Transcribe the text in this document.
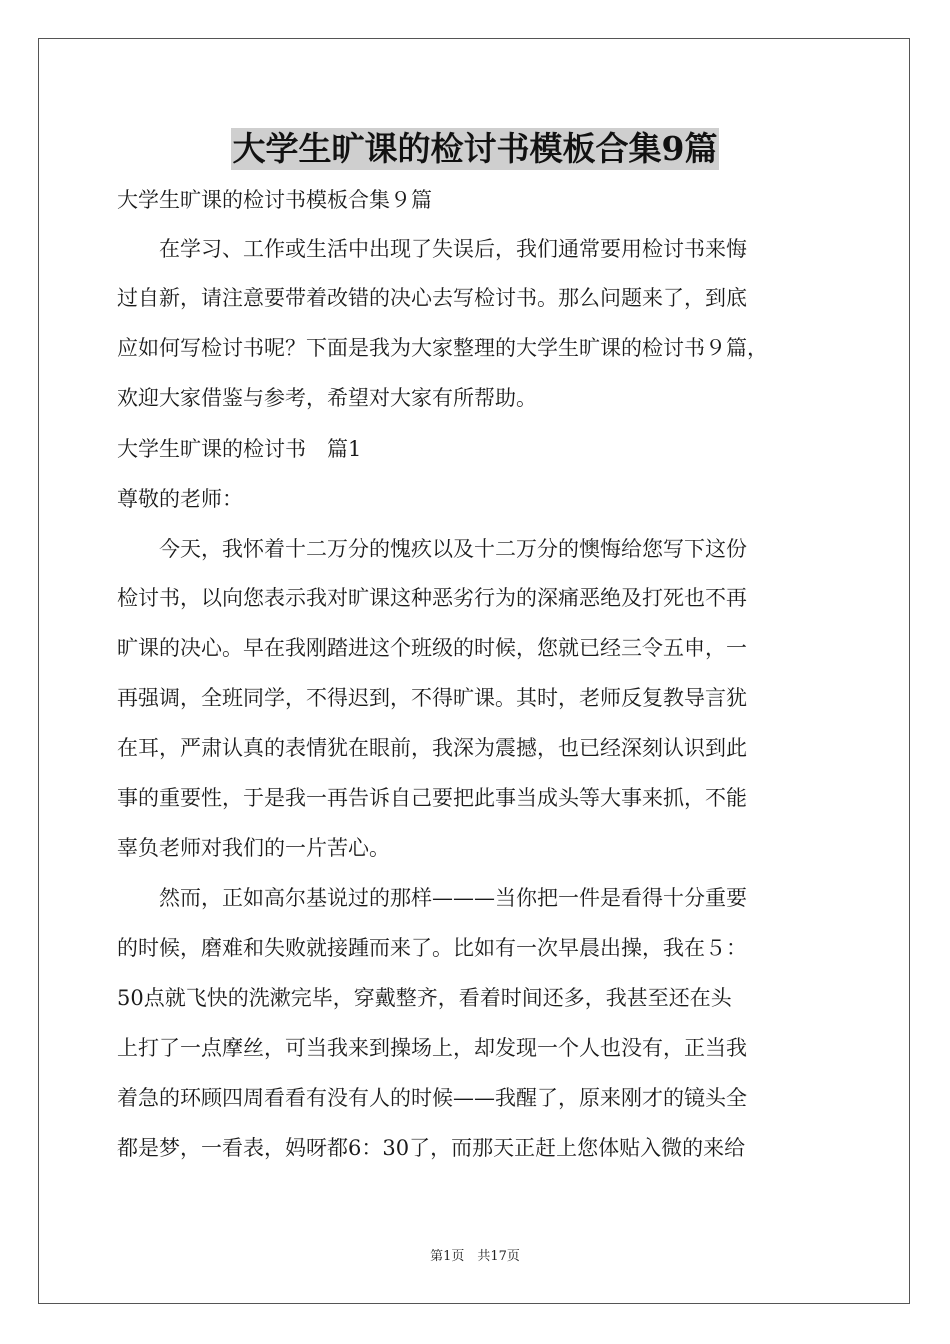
大学生旷课的检讨书模板合集9篇
大学生旷课的检讨书模板合集９篇
　　在学习、工作或生活中出现了失误后，我们通常要用检讨书来悔
过自新，请注意要带着改错的决心去写检讨书。那么问题来了，到底
应如何写检讨书呢？下面是我为大家整理的大学生旷课的检讨书９篇，
欢迎大家借鉴与参考，希望对大家有所帮助。
大学生旷课的检讨书　篇1
尊敬的老师：
　　今天，我怀着十二万分的愧疚以及十二万分的懊悔给您写下这份
检讨书，以向您表示我对旷课这种恶劣行为的深痛恶绝及打死也不再
旷课的决心。早在我刚踏进这个班级的时候，您就已经三令五申，一
再强调，全班同学，不得迟到，不得旷课。其时，老师反复教导言犹
在耳，严肃认真的表情犹在眼前，我深为震撼，也已经深刻认识到此
事的重要性，于是我一再告诉自己要把此事当成头等大事来抓，不能
辜负老师对我们的一片苦心。
　　然而，正如高尔基说过的那样———当你把一件是看得十分重要
的时候，磨难和失败就接踵而来了。比如有一次早晨出操，我在５：
50点就飞快的洗漱完毕，穿戴整齐，看着时间还多，我甚至还在头
上打了一点摩丝，可当我来到操场上，却发现一个人也没有，正当我
着急的环顾四周看看有没有人的时候——我醒了，原来刚才的镜头全
都是梦，一看表，妈呀都6：30了，而那天正赶上您体贴入微的来给
第1页　共17页
